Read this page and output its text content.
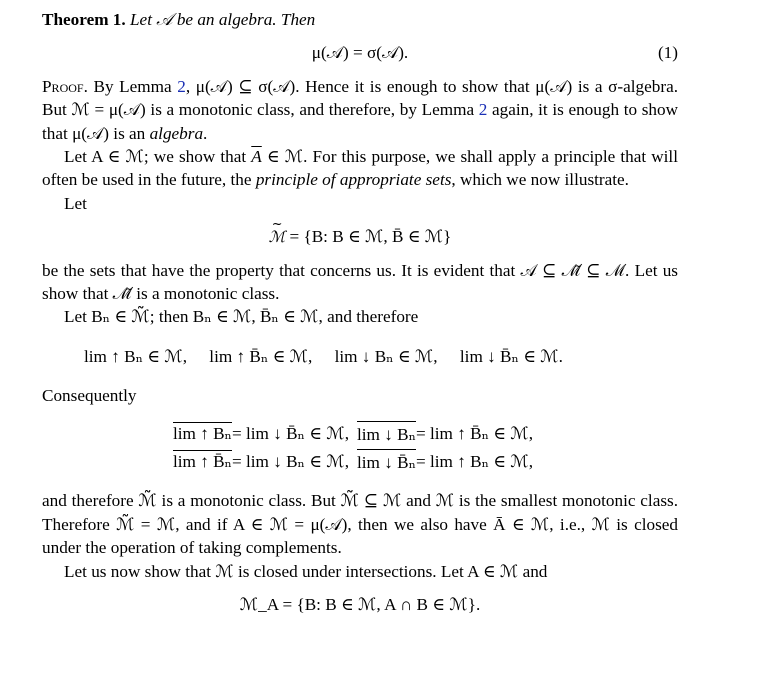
Theorem 1. Let 𝒜 be an algebra. Then

μ(𝒜) = σ(𝒜).	(1)

Proof. By Lemma 2, μ(𝒜) ⊆ σ(𝒜). Hence it is enough to show that μ(𝒜) is a σ-algebra. But ℳ = μ(𝒜) is a monotonic class, and therefore, by Lemma 2 again, it is enough to show that μ(𝒜) is an algebra.

Let A ∈ ℳ; we show that $\overline{A}$ ∈ ℳ. For this purpose, we shall apply a principle that will often be used in the future, the principle of appropriate sets, which we now illustrate.

Let

~ ℳ = {B: B ∈ ℳ, B̄ ∈ ℳ}

be the sets that have the property that concerns us. It is evident that 𝒜 ⊆ ℳ̃ ⊆ ℳ. Let us show that ℳ̃ is a monotonic class.

Let Bₙ ∈ ℳ̃; then Bₙ ∈ ℳ, B̄ₙ ∈ ℳ, and therefore

lim ↑ Bₙ ∈ ℳ, lim ↑ B̄ₙ ∈ ℳ, lim ↓ Bₙ ∈ ℳ, lim ↓ B̄ₙ ∈ ℳ.

Consequently

lim ↑ Bₙ = lim ↓ B̄ₙ ∈ ℳ, lim ↓ Bₙ = lim ↑ B̄ₙ ∈ ℳ,
lim ↑ B̄ₙ = lim ↓ Bₙ ∈ ℳ, lim ↓ B̄ₙ = lim ↑ Bₙ ∈ ℳ,

and therefore ℳ̃ is a monotonic class. But ℳ̃ ⊆ ℳ and ℳ is the smallest monotonic class. Therefore ℳ̃ = ℳ, and if A ∈ ℳ = μ(𝒜), then we also have Ā ∈ ℳ, i.e., ℳ is closed under the operation of taking complements.

Let us now show that ℳ is closed under intersections. Let A ∈ ℳ and

ℳ_A = {B: B ∈ ℳ, A ∩ B ∈ ℳ}.
